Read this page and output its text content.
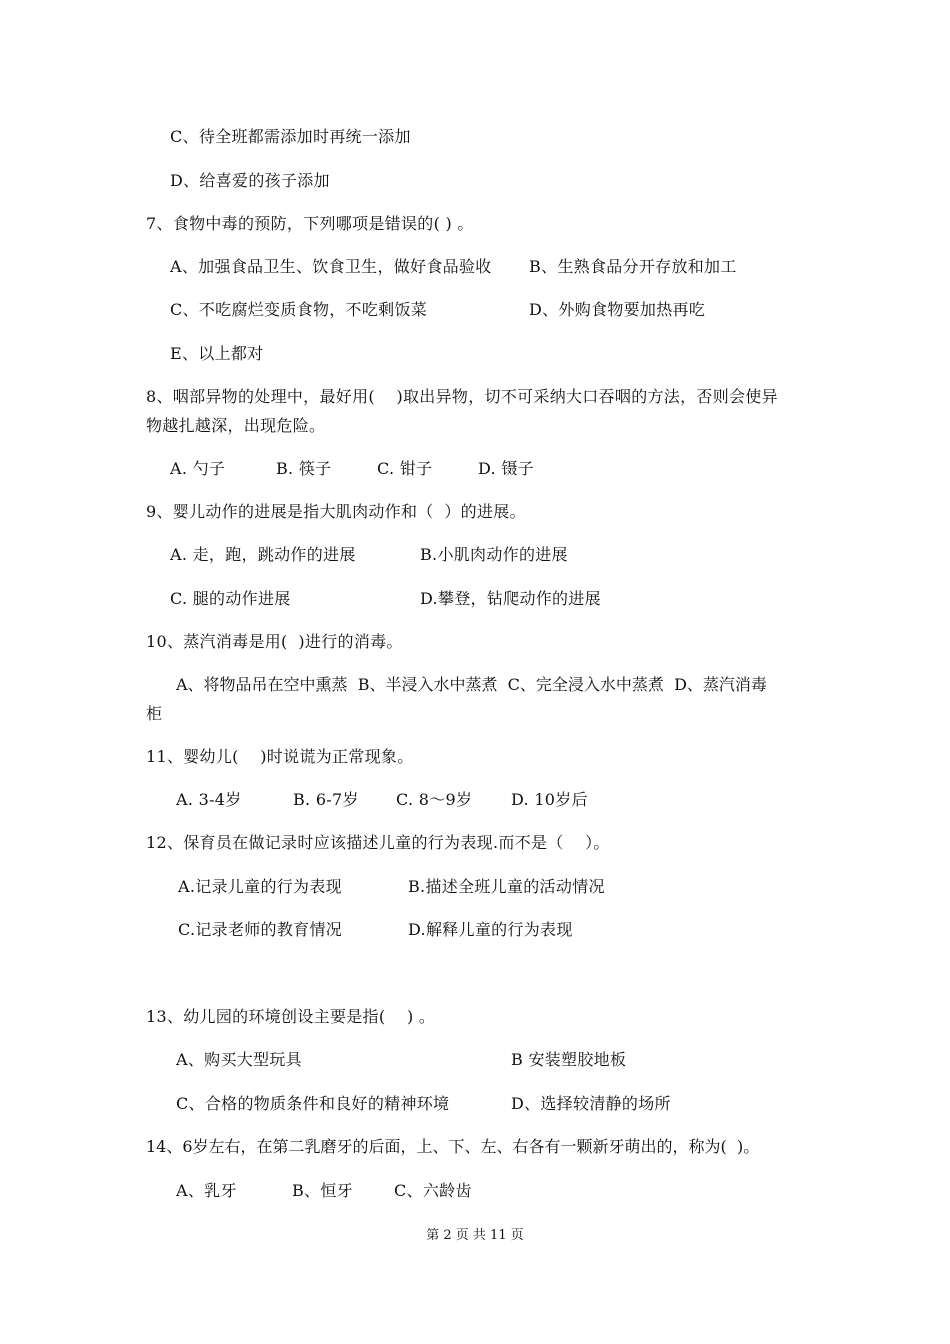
C、待全班都需添加时再统一添加
D、给喜爱的孩子添加
7、食物中毒的预防，下列哪项是错误的( ) 。
A、加强食品卫生、饮食卫生，做好食品验收 B、生熟食品分开存放和加工
C、不吃腐烂变质食物，不吃剩饭菜	D、外购食物要加热再吃
E、以上都对
8、咽部异物的处理中，最好用(    )取出异物，切不可采纳大口吞咽的方法，否则会使异
物越扎越深，出现危险。
A. 勺子	B. 筷子	C. 钳子	D. 镊子
9、婴儿动作的进展是指大肌肉动作和（  ）的进展。
A. 走，跑，跳动作的进展	B.小肌肉动作的进展
C. 腿的动作进展	D.攀登，钻爬动作的进展
10、蒸汽消毒是用(  )进行的消毒。
A、将物品吊在空中熏蒸  B、半浸入水中蒸煮  C、完全浸入水中蒸煮  D、蒸汽消毒
柜
11、婴幼儿(    )时说谎为正常现象。
A. 3-4岁	B. 6-7岁 C. 8～9岁 D. 10岁后
12、保育员在做记录时应该描述儿童的行为表现.而不是（    ）。
A.记录儿童的行为表现	B.描述全班儿童的活动情况
C.记录老师的教育情况	D.解释儿童的行为表现
13、幼儿园的环境创设主要是指(    ) 。
A、购买大型玩具	B 安装塑胶地板
C、合格的物质条件和良好的精神环境	D、选择较清静的场所
14、6岁左右，在第二乳磨牙的后面，上、下、左、右各有一颗新牙萌出的，称为(  )。
A、乳牙	B、恒牙	C、六龄齿
第 2 页 共 11 页
